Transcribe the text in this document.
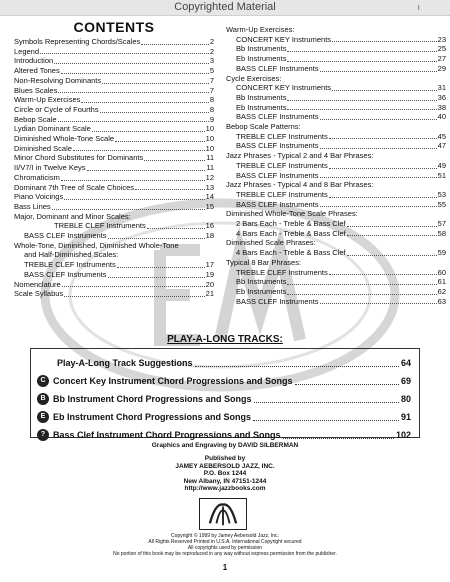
Copyrighted Material	ı
CONTENTS
Symbols Representing Chords/Scales	2
Legend	2
Introduction	3
Altered Tones	5
Non-Resolving Dominants	7
Blues Scales	7
Warm-Up Exercises	8
Circle or Cycle of Fourths	8
Bebop Scale	9
Lydian Dominant Scale	10
Diminished Whole-Tone Scale	10
Diminished Scale	10
Minor Chord Substitutes for Dominants	11
II/V7/I in Twelve Keys	11
Chromaticism	12
Dominant 7th Tree of Scale Choices	13
Piano Voicings	14
Bass Lines	15
Major, Dominant and Minor Scales:
TREBLE CLEF Instruments	16
BASS CLEF Instruments	18
Whole-Tone, Diminished, Diminished Whole-Tone
and Half-Diminished Scales:
TREBLE CLEF Instruments	17
BASS CLEF Instruments	19
Nomenclature	20
Scale Syllabus	21
Warm-Up Exercises:
CONCERT KEY Instruments	23
Bb Instruments	25
Eb Instruments	27
BASS CLEF Instruments	29
Cycle Exercises:
CONCERT KEY Instruments	31
Bb Instruments	36
Eb Instruments	38
BASS CLEF Instruments	40
Bebop Scale Patterns:
TREBLE CLEF Instruments	45
BASS CLEF Instruments	47
Jazz Phrases - Typical 2 and 4 Bar Phrases:
TREBLE CLEF Instruments	49
BASS CLEF Instruments	51
Jazz Phrases - Typical 4 and 8 Bar Phrases:
TREBLE CLEF Instruments	53
BASS CLEF Instruments	55
Diminished Whole-Tone Scale Phrases:
2 Bars Each - Treble & Bass Clef	57
4 Bars Each - Treble & Bass Clef	58
Diminished Scale Phrases:
4 Bars Each - Treble & Bass Clef	59
Typical 8 Bar Phrases:
TREBLE CLEF Instruments	60
Bb Instruments	61
Eb Instruments	62
BASS CLEF Instruments	63
PLAY-A-LONG TRACKS:
Play-A-Long Track Suggestions	64
C Concert Key Instrument Chord Progressions and Songs	69
B Bb Instrument Chord Progressions and Songs	80
E Eb Instrument Chord Progressions and Songs	91
? Bass Clef Instrument Chord Progressions and Songs	102
Graphics and Engraving by DAVID SILBERMAN
Published by
JAMEY AEBERSOLD JAZZ, INC.
P.O. Box 1244
New Albany, IN 47151-1244
http://www.jazzbooks.com
Copyright © 1999 by Jamey Aebersold Jazz, Inc.
All Rights Reserved Printed in U.S.A. International Copyright secured
All copyrights used by permission
No portion of this book may be reproduced in any way without express permission from the publisher.
1
